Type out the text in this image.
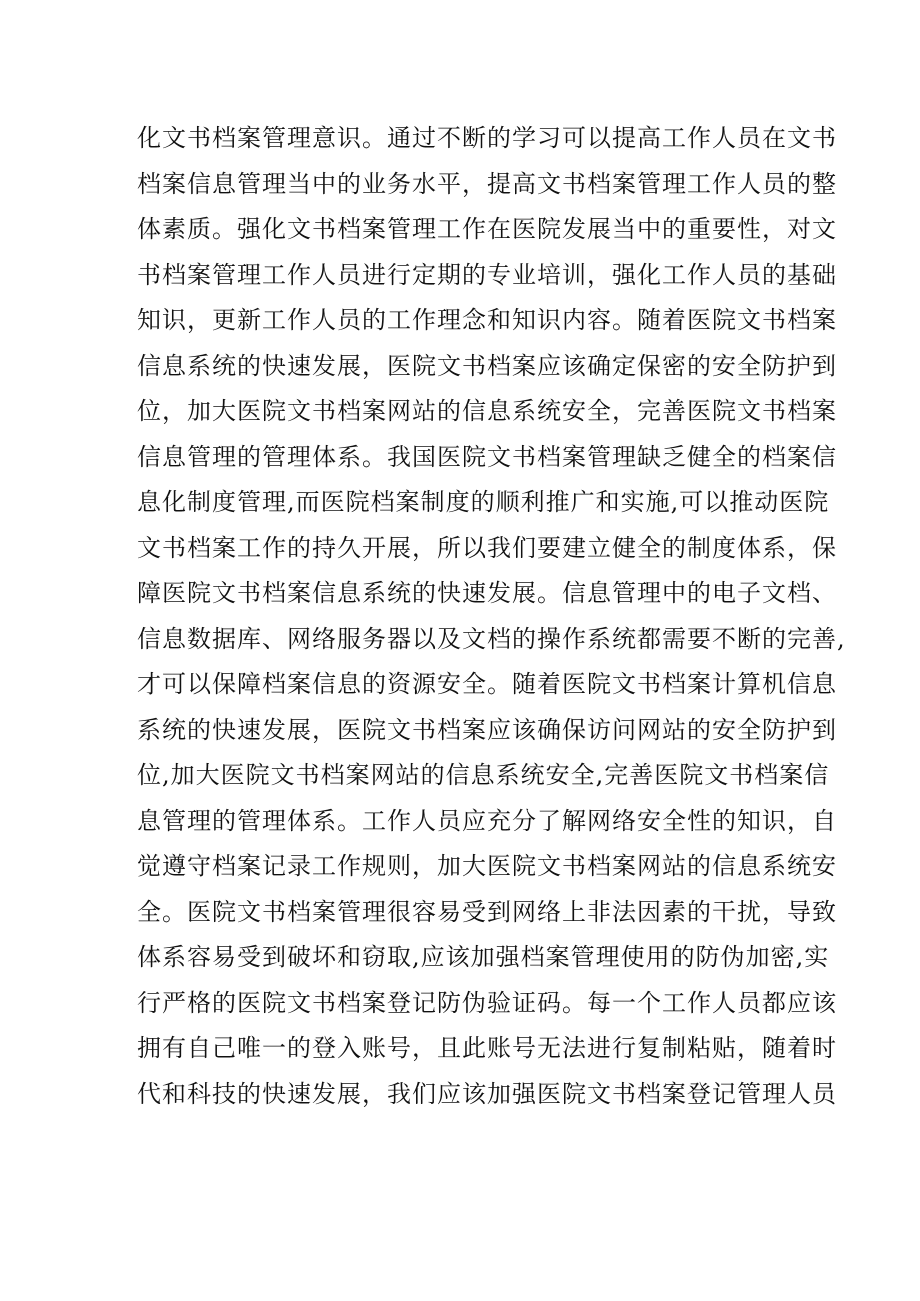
化文书档案管理意识。通过不断的学习可以提高工作人员在文书
档案信息管理当中的业务水平，提高文书档案管理工作人员的整
体素质。强化文书档案管理工作在医院发展当中的重要性，对文
书档案管理工作人员进行定期的专业培训，强化工作人员的基础
知识，更新工作人员的工作理念和知识内容。随着医院文书档案
信息系统的快速发展，医院文书档案应该确定保密的安全防护到
位，加大医院文书档案网站的信息系统安全，完善医院文书档案
信息管理的管理体系。我国医院文书档案管理缺乏健全的档案信
息化制度管理,而医院档案制度的顺利推广和实施,可以推动医院
文书档案工作的持久开展，所以我们要建立健全的制度体系，保
障医院文书档案信息系统的快速发展。信息管理中的电子文档、
信息数据库、网络服务器以及文档的操作系统都需要不断的完善,
才可以保障档案信息的资源安全。随着医院文书档案计算机信息
系统的快速发展，医院文书档案应该确保访问网站的安全防护到
位,加大医院文书档案网站的信息系统安全,完善医院文书档案信
息管理的管理体系。工作人员应充分了解网络安全性的知识，自
觉遵守档案记录工作规则，加大医院文书档案网站的信息系统安
全。医院文书档案管理很容易受到网络上非法因素的干扰，导致
体系容易受到破坏和窃取,应该加强档案管理使用的防伪加密,实
行严格的医院文书档案登记防伪验证码。每一个工作人员都应该
拥有自己唯一的登入账号，且此账号无法进行复制粘贴，随着时
代和科技的快速发展，我们应该加强医院文书档案登记管理人员
